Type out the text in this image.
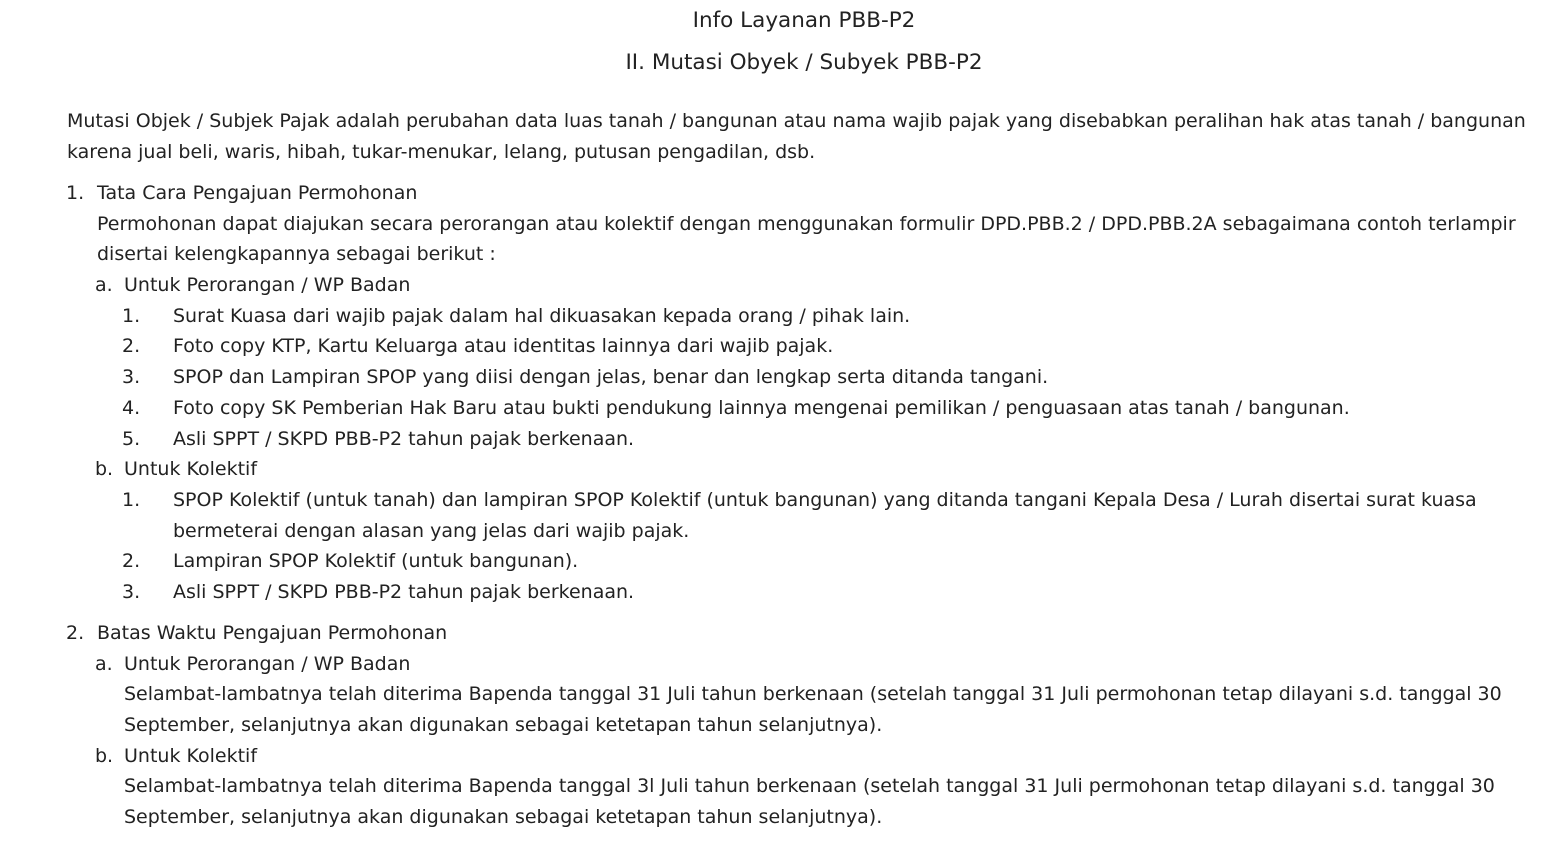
Info Layanan PBB-P2
II. Mutasi Obyek / Subyek PBB-P2
Mutasi Objek / Subjek Pajak adalah perubahan data luas tanah / bangunan atau nama wajib pajak yang disebabkan peralihan hak atas tanah / bangunan karena jual beli, waris, hibah, tukar-menukar, lelang, putusan pengadilan, dsb.
1. Tata Cara Pengajuan Permohonan
Permohonan dapat diajukan secara perorangan atau kolektif dengan menggunakan formulir DPD.PBB.2 / DPD.PBB.2A sebagaimana contoh terlampir disertai kelengkapannya sebagai berikut :
a. Untuk Perorangan / WP Badan
1. Surat Kuasa dari wajib pajak dalam hal dikuasakan kepada orang / pihak lain.
2. Foto copy KTP, Kartu Keluarga atau identitas lainnya dari wajib pajak.
3. SPOP dan Lampiran SPOP yang diisi dengan jelas, benar dan lengkap serta ditanda tangani.
4. Foto copy SK Pemberian Hak Baru atau bukti pendukung lainnya mengenai pemilikan / penguasaan atas tanah / bangunan.
5. Asli SPPT / SKPD PBB-P2 tahun pajak berkenaan.
b. Untuk Kolektif
1. SPOP Kolektif (untuk tanah) dan lampiran SPOP Kolektif (untuk bangunan) yang ditanda tangani Kepala Desa / Lurah disertai surat kuasa bermeterai dengan alasan yang jelas dari wajib pajak.
2. Lampiran SPOP Kolektif (untuk bangunan).
3. Asli SPPT / SKPD PBB-P2 tahun pajak berkenaan.
2. Batas Waktu Pengajuan Permohonan
a. Untuk Perorangan / WP Badan
Selambat-lambatnya telah diterima Bapenda tanggal 31 Juli tahun berkenaan (setelah tanggal 31 Juli permohonan tetap dilayani s.d. tanggal 30 September, selanjutnya akan digunakan sebagai ketetapan tahun selanjutnya).
b. Untuk Kolektif
Selambat-lambatnya telah diterima Bapenda tanggal 3l Juli tahun berkenaan (setelah tanggal 31 Juli permohonan tetap dilayani s.d. tanggal 30 September, selanjutnya akan digunakan sebagai ketetapan tahun selanjutnya).
